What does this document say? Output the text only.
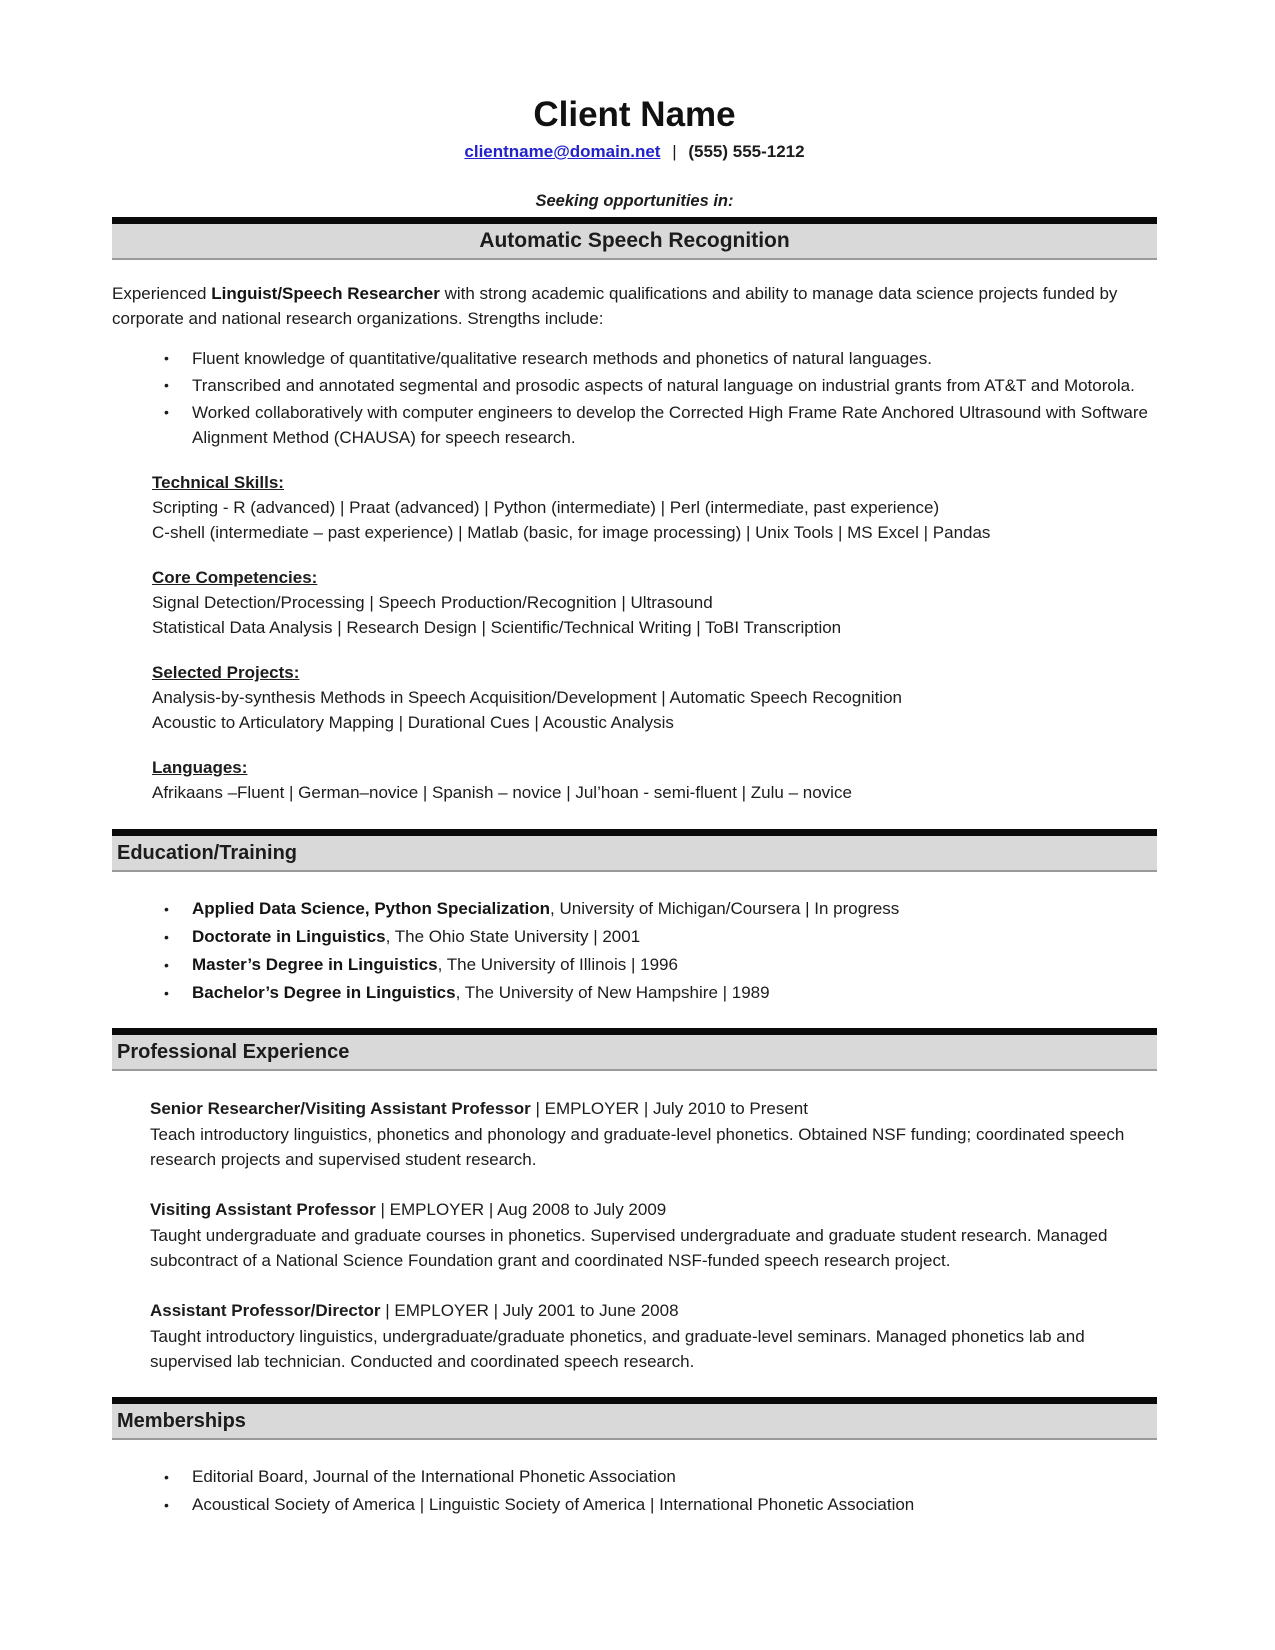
Client Name
clientname@domain.net | (555) 555-1212
Seeking opportunities in:
Automatic Speech Recognition

Experienced Linguist/Speech Researcher with strong academic qualifications and ability to manage data science projects funded by corporate and national research organizations. Strengths include:

•	Fluent knowledge of quantitative/qualitative research methods and phonetics of natural languages.
•	Transcribed and annotated segmental and prosodic aspects of natural language on industrial grants from AT&T and Motorola.
•	Worked collaboratively with computer engineers to develop the Corrected High Frame Rate Anchored Ultrasound with Software Alignment Method (CHAUSA) for speech research.
Technical Skills:
Scripting - R (advanced) | Praat (advanced) | Python (intermediate) | Perl (intermediate, past experience)
C-shell (intermediate – past experience) | Matlab (basic, for image processing) | Unix Tools | MS Excel | Pandas
Core Competencies:
Signal Detection/Processing | Speech Production/Recognition | Ultrasound
Statistical Data Analysis | Research Design | Scientific/Technical Writing | ToBI Transcription
Selected Projects:
Analysis-by-synthesis Methods in Speech Acquisition/Development | Automatic Speech Recognition
Acoustic to Articulatory Mapping | Durational Cues | Acoustic Analysis
Languages:
Afrikaans –Fluent | German–novice | Spanish – novice | Jul’hoan - semi-fluent | Zulu – novice
Education/Training
•	Applied Data Science, Python Specialization, University of Michigan/Coursera | In progress
•	Doctorate in Linguistics, The Ohio State University | 2001
•	Master’s Degree in Linguistics, The University of Illinois | 1996
•	Bachelor’s Degree in Linguistics, The University of New Hampshire | 1989
Professional Experience
Senior Researcher/Visiting Assistant Professor | EMPLOYER | July 2010 to Present
Teach introductory linguistics, phonetics and phonology and graduate-level phonetics. Obtained NSF funding; coordinated speech research projects and supervised student research.
Visiting Assistant Professor | EMPLOYER | Aug 2008 to July 2009
Taught undergraduate and graduate courses in phonetics. Supervised undergraduate and graduate student research. Managed subcontract of a National Science Foundation grant and coordinated NSF-funded speech research project.
Assistant Professor/Director | EMPLOYER | July 2001 to June 2008
Taught introductory linguistics, undergraduate/graduate phonetics, and graduate-level seminars. Managed phonetics lab and supervised lab technician. Conducted and coordinated speech research.
Memberships
•	Editorial Board, Journal of the International Phonetic Association
•	Acoustical Society of America | Linguistic Society of America | International Phonetic Association
